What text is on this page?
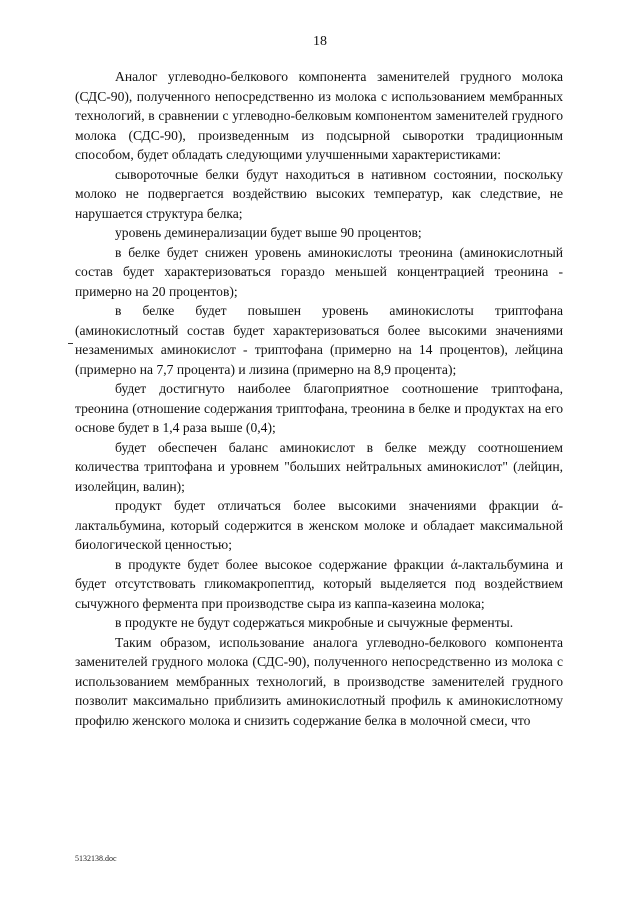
18

Аналог углеводно-белкового компонента заменителей грудного молока (СДС-90), полученного непосредственно из молока с использованием мембранных технологий, в сравнении с углеводно-белковым компонентом заменителей грудного молока (СДС-90), произведенным из подсырной сыворотки традиционным способом, будет обладать следующими улучшенными характеристиками:

сывороточные белки будут находиться в нативном состоянии, поскольку молоко не подвергается воздействию высоких температур, как следствие, не нарушается структура белка;

уровень деминерализации будет выше 90 процентов;

в белке будет снижен уровень аминокислоты треонина (аминокислотный состав будет характеризоваться гораздо меньшей концентрацией треонина - примерно на 20 процентов);

в белке будет повышен уровень аминокислоты триптофана (аминокислотный состав будет характеризоваться более высокими значениями незаменимых аминокислот - триптофана (примерно на 14 процентов), лейцина (примерно на 7,7 процента) и лизина (примерно на 8,9 процента);

будет достигнуто наиболее благоприятное соотношение триптофана, треонина (отношение содержания триптофана, треонина в белке и продуктах на его основе будет в 1,4 раза выше (0,4);

будет обеспечен баланс аминокислот в белке между соотношением количества триптофана и уровнем "больших нейтральных аминокислот" (лейцин, изолейцин, валин);

продукт будет отличаться более высокими значениями фракции ά-лактальбумина, который содержится в женском молоке и обладает максимальной биологической ценностью;

в продукте будет более высокое содержание фракции ά-лактальбумина и будет отсутствовать гликомакропептид, который выделяется под воздействием сычужного фермента при производстве сыра из каппа-казеина молока;

в продукте не будут содержаться микробные и сычужные ферменты.

Таким образом, использование аналога углеводно-белкового компонента заменителей грудного молока (СДС-90), полученного непосредственно из молока с использованием мембранных технологий, в производстве заменителей грудного позволит максимально приблизить аминокислотный профиль к аминокислотному профилю женского молока и снизить содержание белка в молочной смеси, что

5132138.doc
